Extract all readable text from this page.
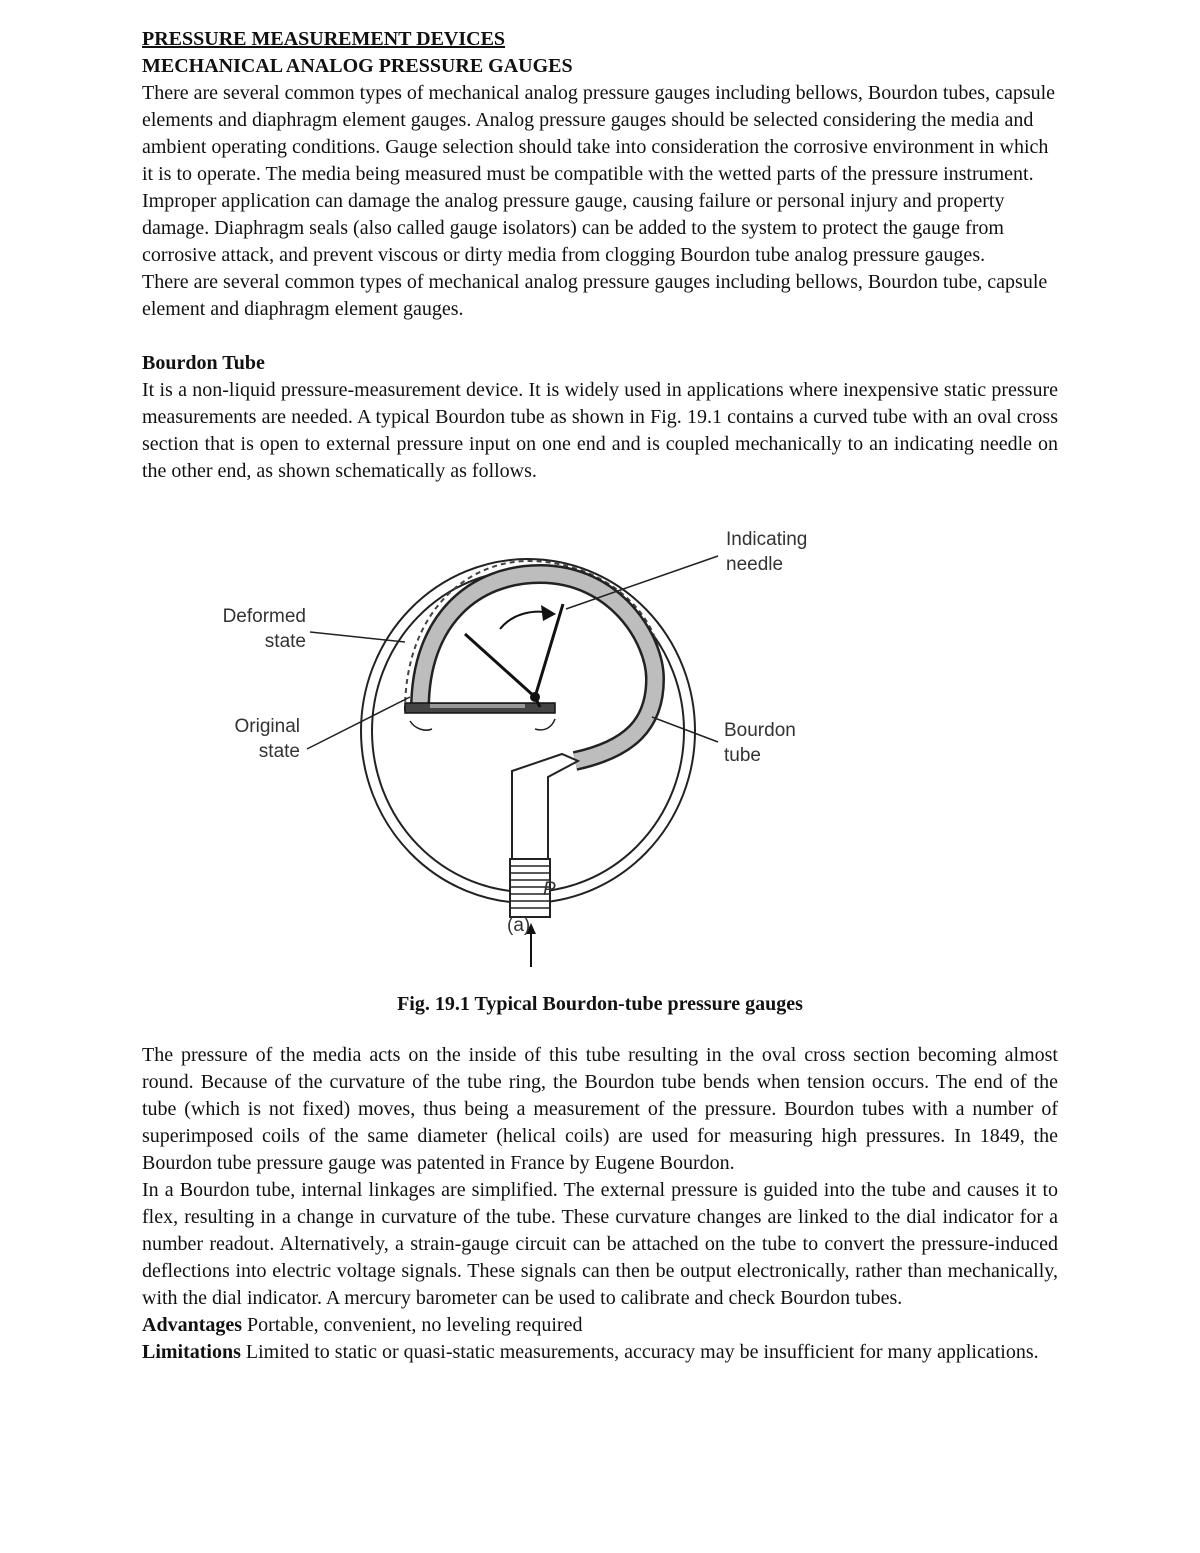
PRESSURE MEASUREMENT DEVICES
MECHANICAL ANALOG PRESSURE GAUGES

There are several common types of mechanical analog pressure gauges including bellows, Bourdon tubes, capsule elements and diaphragm element gauges. Analog pressure gauges should be selected considering the media and ambient operating conditions. Gauge selection should take into consideration the corrosive environment in which it is to operate. The media being measured must be compatible with the wetted parts of the pressure instrument. Improper application can damage the analog pressure gauge, causing failure or personal injury and property damage. Diaphragm seals (also called gauge isolators) can be added to the system to protect the gauge from corrosive attack, and prevent viscous or dirty media from clogging Bourdon tube analog pressure gauges.

There are several common types of mechanical analog pressure gauges including bellows, Bourdon tube, capsule element and diaphragm element gauges.

Bourdon Tube

It is a non-liquid pressure-measurement device. It is widely used in applications where inexpensive static pressure measurements are needed. A typical Bourdon tube as shown in Fig. 19.1 contains a curved tube with an oval cross section that is open to external pressure input on one end and is coupled mechanically to an indicating needle on the other end, as shown schematically as follows.

Indicating
needle
Deformed
state
Original
state
Bourdon
tube
P
(a)

Fig. 19.1 Typical Bourdon-tube pressure gauges

The pressure of the media acts on the inside of this tube resulting in the oval cross section becoming almost round. Because of the curvature of the tube ring, the Bourdon tube bends when tension occurs. The end of the tube (which is not fixed) moves, thus being a measurement of the pressure. Bourdon tubes with a number of superimposed coils of the same diameter (helical coils) are used for measuring high pressures. In 1849, the Bourdon tube pressure gauge was patented in France by Eugene Bourdon.

In a Bourdon tube, internal linkages are simplified. The external pressure is guided into the tube and causes it to flex, resulting in a change in curvature of the tube. These curvature changes are linked to the dial indicator for a number readout. Alternatively, a strain-gauge circuit can be attached on the tube to convert the pressure-induced deflections into electric voltage signals. These signals can then be output electronically, rather than mechanically, with the dial indicator. A mercury barometer can be used to calibrate and check Bourdon tubes.

Advantages Portable, convenient, no leveling required

Limitations Limited to static or quasi-static measurements, accuracy may be insufficient for many applications.
